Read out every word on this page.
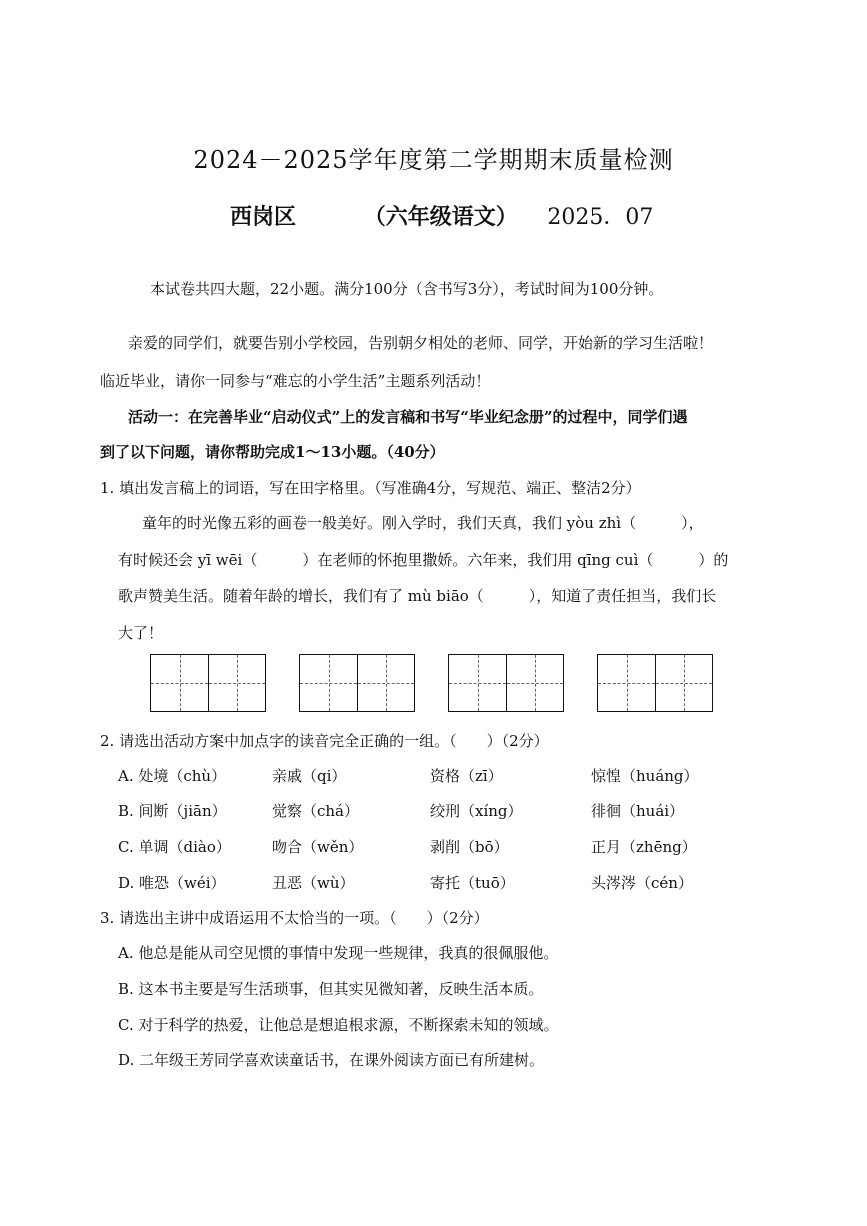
2024－2025学年度第二学期期末质量检测
西岗区	（六年级语文） 2025．07
本试卷共四大题，22小题。满分100分（含书写3分），考试时间为100分钟。
亲爱的同学们，就要告别小学校园，告别朝夕相处的老师、同学，开始新的学习生活啦！
临近毕业，请你一同参与“难忘的小学生活”主题系列活动！
活动一：在完善毕业“启动仪式”上的发言稿和书写“毕业纪念册”的过程中，同学们遇
到了以下问题，请你帮助完成1～13小题。（40分）
1. 填出发言稿上的词语，写在田字格里。（写准确4分，写规范、端正、整洁2分）
童年的时光像五彩的画卷一般美好。刚入学时，我们天真，我们 yòu zhì（　　　），
有时候还会 yī wēi（　　　）在老师的怀抱里撒娇。六年来，我们用 qīng cuì（　　　）的
歌声赞美生活。随着年龄的增长，我们有了 mù biāo（　　　），知道了责任担当，我们长
大了！
2. 请选出活动方案中加点字的读音完全正确的一组。（　　）（2分）
A. 处境（chù）	亲戚（qi）	资格（zī）	惊惶（huáng）
B. 间断（jiān）	觉察（chá）	绞刑（xíng）	徘徊（huái）
C. 单调（diào）	吻合（wěn）	剥削（bō）	正月（zhēng）
D. 唯恐（wéi）	丑恶（wù）	寄托（tuō）	头涔涔（cén）
3. 请选出主讲中成语运用不太恰当的一项。（　　）（2分）
A. 他总是能从司空见惯的事情中发现一些规律，我真的很佩服他。
B. 这本书主要是写生活琐事，但其实见微知著，反映生活本质。
C. 对于科学的热爱，让他总是想追根求源，不断探索未知的领域。
D. 二年级王芳同学喜欢读童话书，在课外阅读方面已有所建树。
